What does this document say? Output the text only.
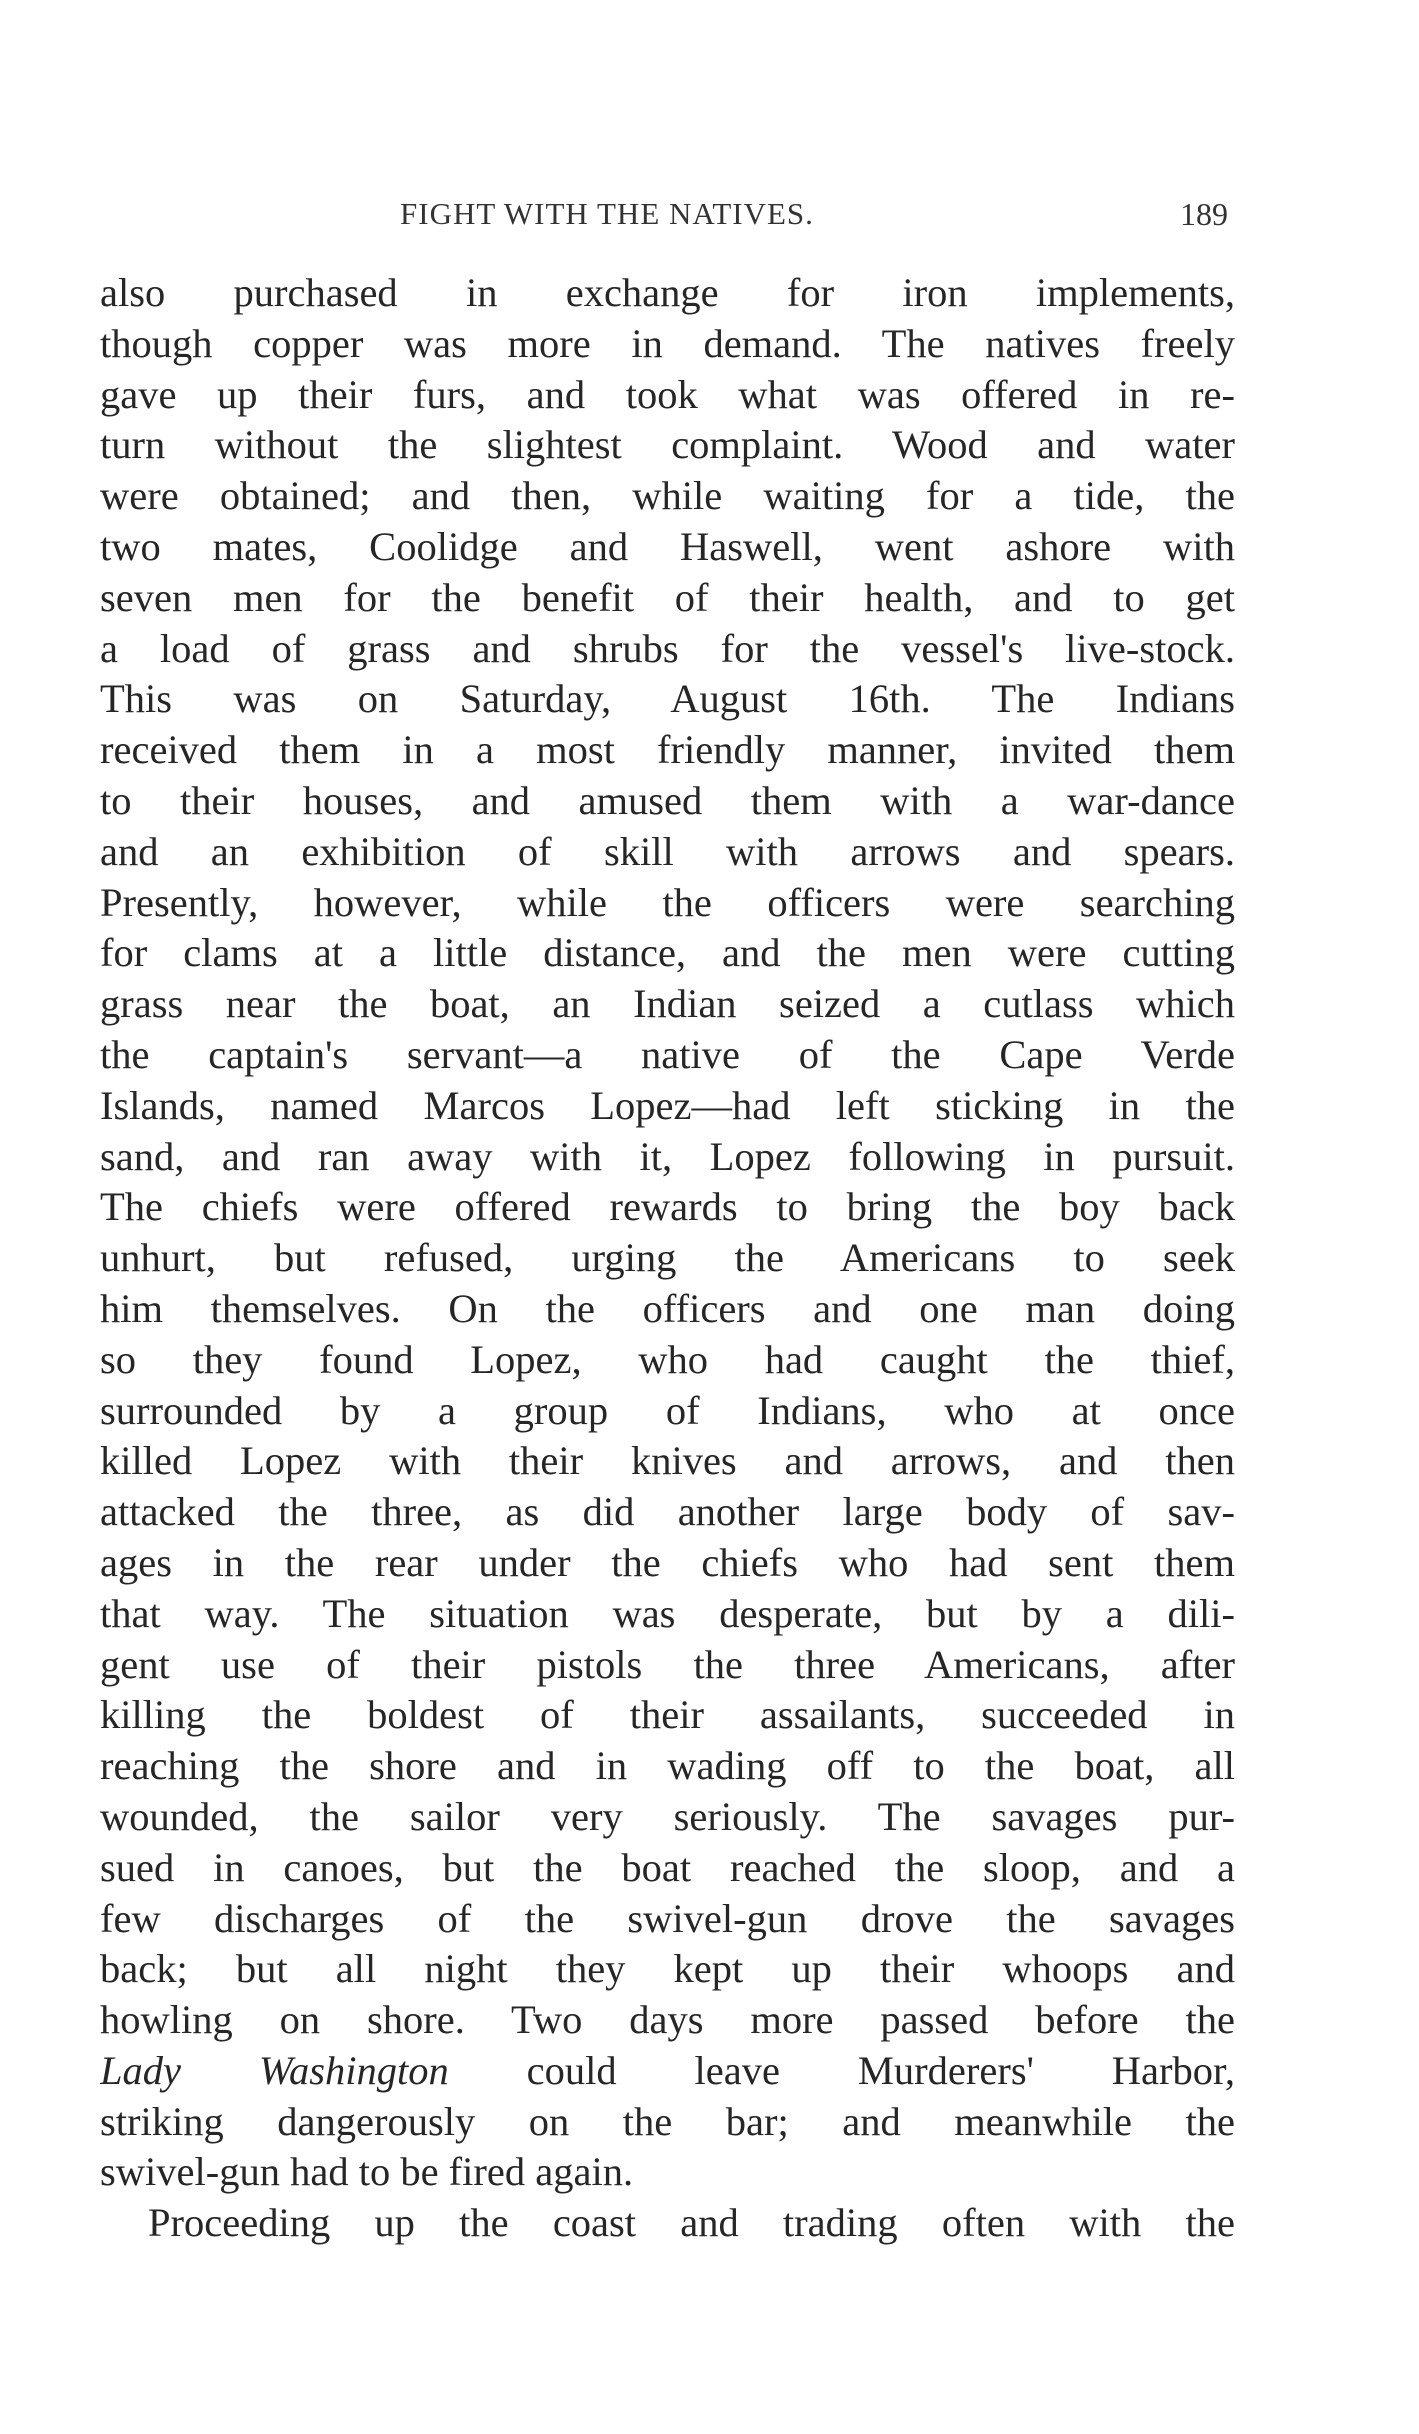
FIGHT WITH THE NATIVES.	189
also purchased in exchange for iron implements,
though copper was more in demand. The natives freely
gave up their furs, and took what was offered in re-
turn without the slightest complaint. Wood and water
were obtained; and then, while waiting for a tide, the
two mates, Coolidge and Haswell, went ashore with
seven men for the benefit of their health, and to get
a load of grass and shrubs for the vessel's live-stock.
This was on Saturday, August 16th. The Indians
received them in a most friendly manner, invited them
to their houses, and amused them with a war-dance
and an exhibition of skill with arrows and spears.
Presently, however, while the officers were searching
for clams at a little distance, and the men were cutting
grass near the boat, an Indian seized a cutlass which
the captain's servant—a native of the Cape Verde
Islands, named Marcos Lopez—had left sticking in the
sand, and ran away with it, Lopez following in pursuit.
The chiefs were offered rewards to bring the boy back
unhurt, but refused, urging the Americans to seek
him themselves. On the officers and one man doing
so they found Lopez, who had caught the thief,
surrounded by a group of Indians, who at once
killed Lopez with their knives and arrows, and then
attacked the three, as did another large body of sav-
ages in the rear under the chiefs who had sent them
that way. The situation was desperate, but by a dili-
gent use of their pistols the three Americans, after
killing the boldest of their assailants, succeeded in
reaching the shore and in wading off to the boat, all
wounded, the sailor very seriously. The savages pur-
sued in canoes, but the boat reached the sloop, and a
few discharges of the swivel-gun drove the savages
back; but all night they kept up their whoops and
howling on shore. Two days more passed before the
Lady Washington could leave Murderers' Harbor,
striking dangerously on the bar; and meanwhile the
swivel-gun had to be fired again.
Proceeding up the coast and trading often with the
